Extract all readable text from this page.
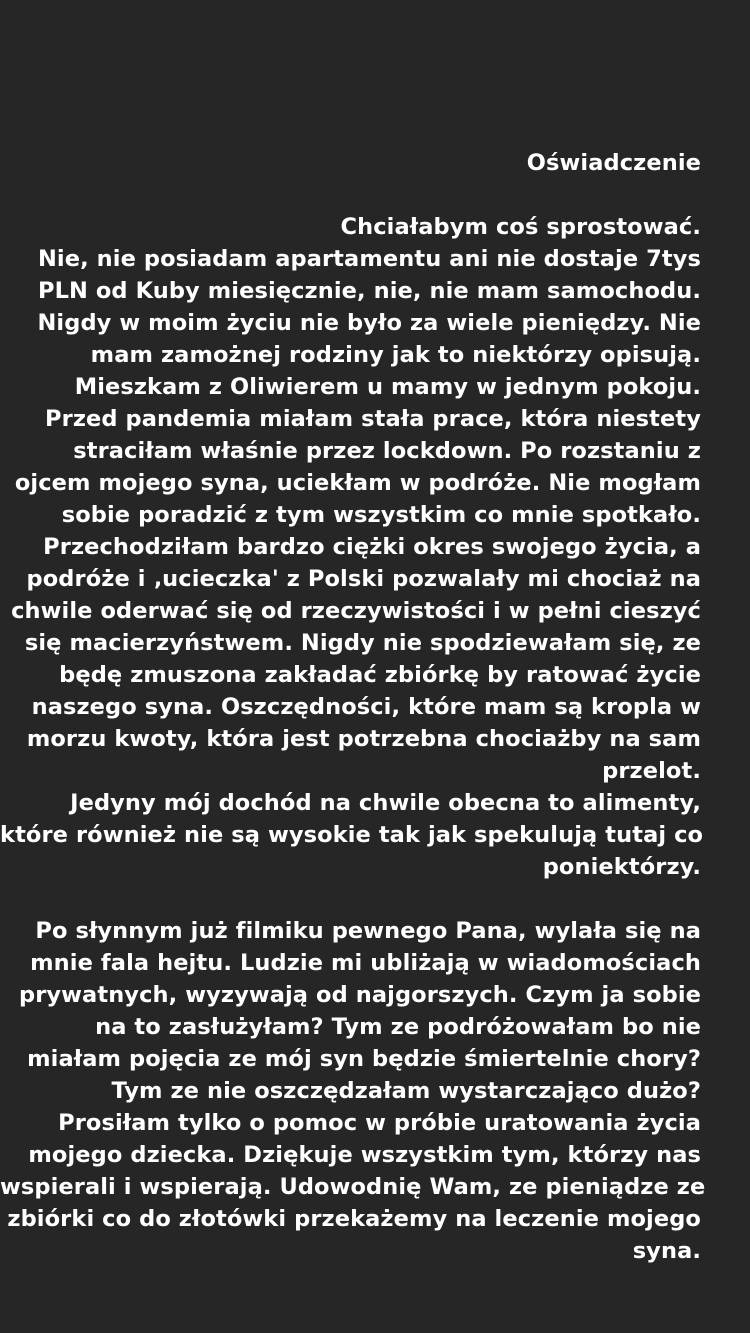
Oświadczenie
Chciałabym coś sprostować.
Nie, nie posiadam apartamentu ani nie dostaje 7tys
PLN od Kuby miesięcznie, nie, nie mam samochodu.
Nigdy w moim życiu nie było za wiele pieniędzy. Nie
mam zamożnej rodziny jak to niektórzy opisują.
Mieszkam z Oliwierem u mamy w jednym pokoju.
Przed pandemia miałam stała prace, która niestety
straciłam właśnie przez lockdown. Po rozstaniu z
ojcem mojego syna, uciekłam w podróże. Nie mogłam
sobie poradzić z tym wszystkim co mnie spotkało.
Przechodziłam bardzo ciężki okres swojego życia, a
podróże i ‚ucieczka' z Polski pozwalały mi chociaż na
chwile oderwać się od rzeczywistości i w pełni cieszyć
się macierzyństwem. Nigdy nie spodziewałam się, ze
będę zmuszona zakładać zbiórkę by ratować życie
naszego syna. Oszczędności, które mam są kropla w
morzu kwoty, która jest potrzebna chociażby na sam
przelot.
Jedyny mój dochód na chwile obecna to alimenty,
które również nie są wysokie tak jak spekulują tutaj co
poniektórzy.
Po słynnym już filmiku pewnego Pana, wylała się na
mnie fala hejtu. Ludzie mi ubliżają w wiadomościach
prywatnych, wyzywają od najgorszych. Czym ja sobie
na to zasłużyłam? Tym ze podróżowałam bo nie
miałam pojęcia ze mój syn będzie śmiertelnie chory?
Tym ze nie oszczędzałam wystarczająco dużo?
Prosiłam tylko o pomoc w próbie uratowania życia
mojego dziecka. Dziękuje wszystkim tym, którzy nas
wspierali i wspierają. Udowodnię Wam, ze pieniądze ze
zbiórki co do złotówki przekażemy na leczenie mojego
syna.
